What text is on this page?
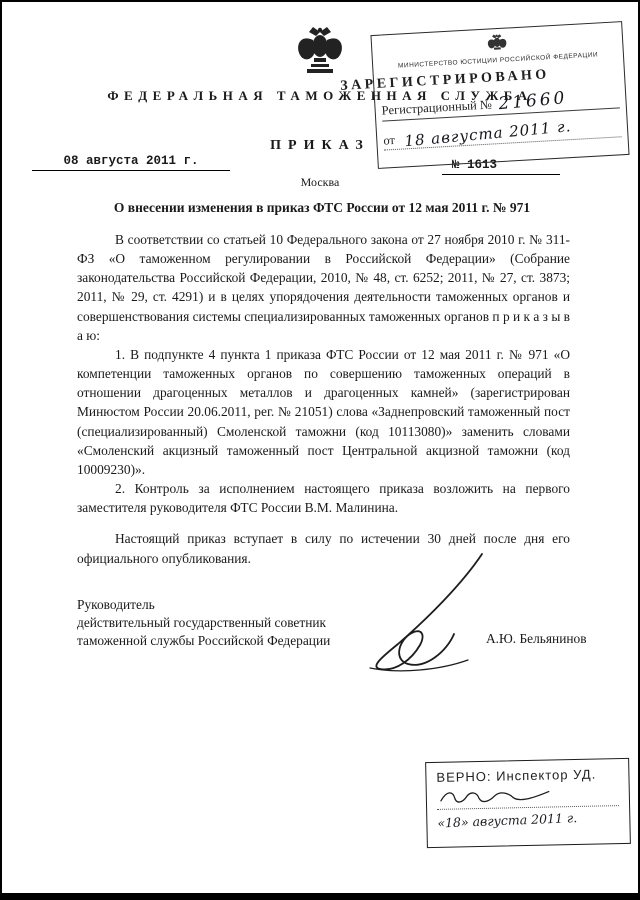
ФЕДЕРАЛЬНАЯ ТАМОЖЕННАЯ СЛУЖБА
ПРИКАЗ
08 августа 2011 г.	№ 1613
Москва
О внесении изменения в приказ ФТС России от 12 мая 2011 г. № 971
МИНИСТЕРСТВО ЮСТИЦИИ РОССИЙСКОЙ ФЕДЕРАЦИИ
ЗАРЕГИСТРИРОВАНО
Регистрационный № 21660
от 18 августа 2011 г.

В соответствии со статьей 10 Федерального закона от 27 ноября 2010 г. № 311-ФЗ «О таможенном регулировании в Российской Федерации» (Собрание законодательства Российской Федерации, 2010, № 48, ст. 6252; 2011, № 27, ст. 3873; 2011, № 29, ст. 4291) и в целях упорядочения деятельности таможенных органов и совершенствования системы специализированных таможенных органов п р и к а з ы в а ю:

1. В подпункте 4 пункта 1 приказа ФТС России от 12 мая 2011 г. № 971 «О компетенции таможенных органов по совершению таможенных операций в отношении драгоценных металлов и драгоценных камней» (зарегистрирован Минюстом России 20.06.2011, рег. № 21051) слова «Заднепровский таможенный пост (специализированный) Смоленской таможни (код 10113080)» заменить словами «Смоленский акцизный таможенный пост Центральной акцизной таможни (код 10009230)».

2. Контроль за исполнением настоящего приказа возложить на первого заместителя руководителя ФТС России В.М. Малинина.

Настоящий приказ вступает в силу по истечении 30 дней после дня его официального опубликования.

Руководитель
действительный государственный советник
таможенной службы Российской Федерации	А.Ю. Бельянинов
ВЕРНО: Инспектор УД.
«18» августа 2011 г.
